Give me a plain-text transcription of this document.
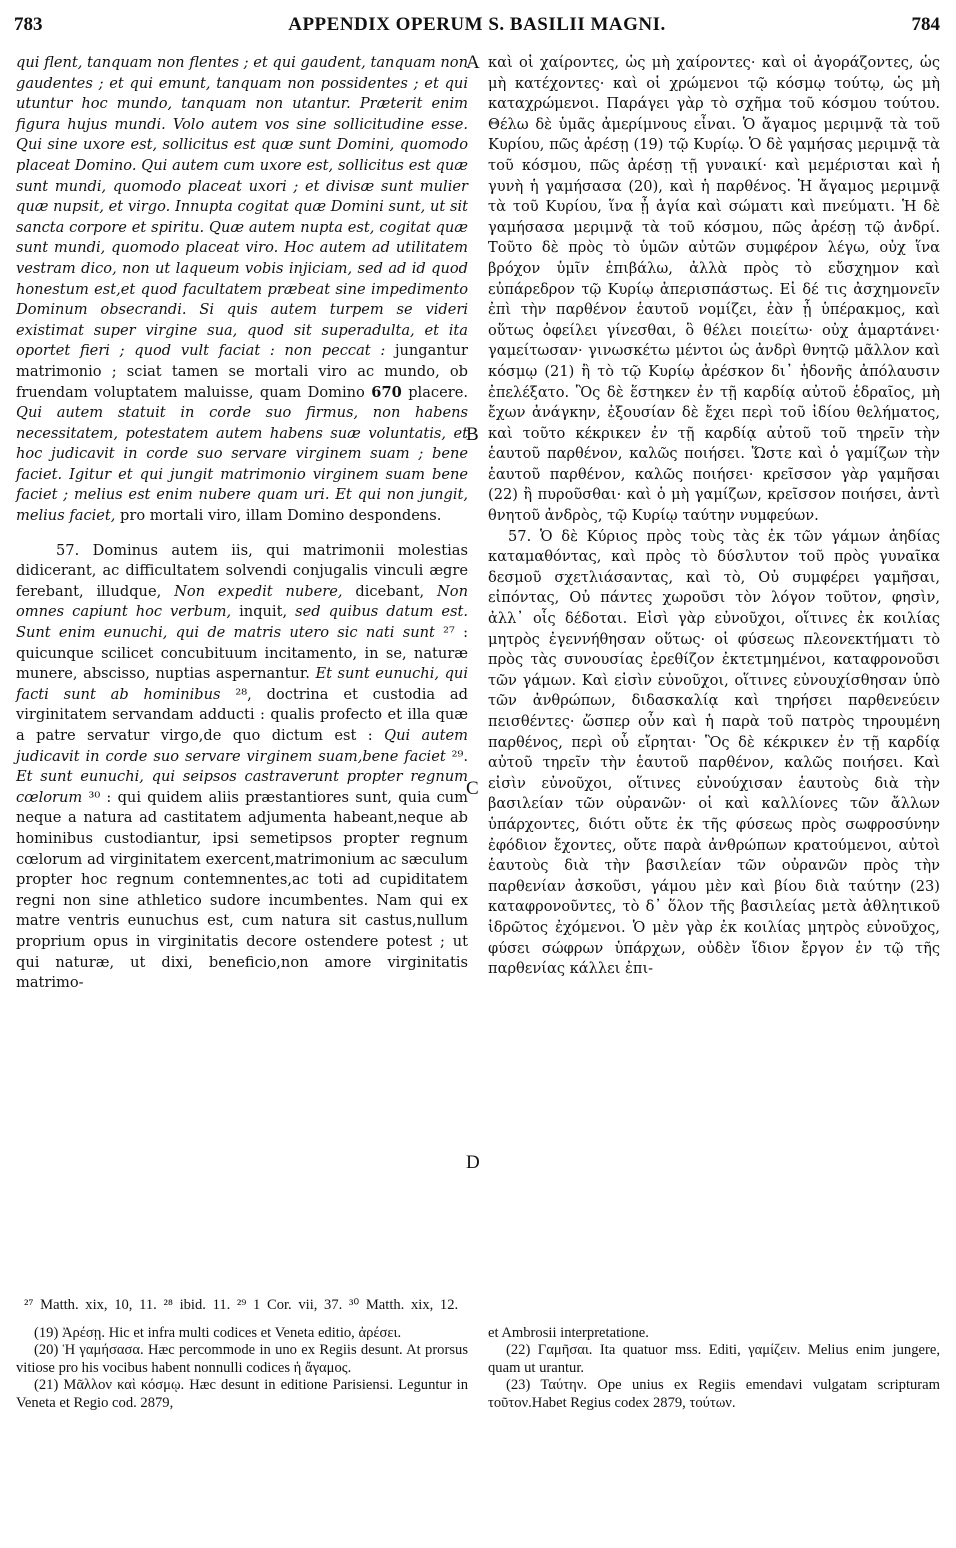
783	APPENDIX OPERUM S. BASILII MAGNI.	784

qui flent, tanquam non flentes ; et qui gaudent, tanquam non gaudentes ; et qui emunt, tanquam non possidentes ; et qui utuntur hoc mundo, tanquam non utantur. Præterit enim figura hujus mundi. Volo autem vos sine sollicitudine esse. Qui sine uxore est, sollicitus est quæ sunt Domini, quomodo placeat Domino. Qui autem cum uxore est, sollicitus est quæ sunt mundi, quomodo placeat uxori ; et divisæ sunt mulier quæ nupsit, et virgo. Innupta cogitat quæ Domini sunt, ut sit sancta corpore et spiritu. Quæ autem nupta est, cogitat quæ sunt mundi, quomodo placeat viro. Hoc autem ad utilitatem vestram dico, non ut laqueum vobis injiciam, sed ad id quod honestum est,et quod facultatem præbeat sine impedimento Dominum obsecrandi. Si quis autem turpem se videri existimat super virgine sua, quod sit superadulta, et ita oportet fieri ; quod vult faciat : non peccat : jungantur matrimonio ; sciat tamen se mortali viro ac mundo, ob fruendam voluptatem maluisse, quam Domino 670 placere. Qui autem statuit in corde suo firmus, non habens necessitatem, potestatem autem habens suæ voluntatis, et hoc judicavit in corde suo servare virginem suam ; bene faciet. Igitur et qui jungit matrimonio virginem suam bene faciet ; melius est enim nubere quam uri. Et qui non jungit, melius faciet, pro mortali viro, illam Domino despondens.

57. Dominus autem iis, qui matrimonii molestias didicerant, ac difficultatem solvendi conjugalis vinculi ægre ferebant, illudque, Non expedit nubere, dicebant, Non omnes capiunt hoc verbum, inquit, sed quibus datum est. Sunt enim eunuchi, qui de matris utero sic nati sunt ²⁷ : quicunque scilicet concubituum incitamento, in se, naturæ munere, abscisso, nuptias aspernantur. Et sunt eunuchi, qui facti sunt ab hominibus ²⁸, doctrina et custodia ad virginitatem servandam adducti : qualis profecto et illa quæ a patre servatur virgo,de quo dictum est : Qui autem judicavit in corde suo servare virginem suam,bene faciet ²⁹. Et sunt eunuchi, qui seipsos castraverunt propter regnum cœlorum ³⁰ : qui quidem aliis præstantiores sunt, quia cum neque a natura ad castitatem adjumenta habeant,neque ab hominibus custodiantur, ipsi semetipsos propter regnum cœlorum ad virginitatem exercent,matrimonium ac sæculum propter hoc regnum contemnentes,ac toti ad cupiditatem regni non sine athletico sudore incumbentes. Nam qui ex matre ventris eunuchus est, cum natura sit castus,nullum proprium opus in virginitatis decore ostendere potest ; ut qui naturæ, ut dixi, beneficio,non amore virginitatis matrimo-

A
B
C
D

καὶ οἱ χαίροντες, ὡς μὴ χαίροντες· καὶ οἱ ἀγοράζοντες, ὡς μὴ κατέχοντες· καὶ οἱ χρώμενοι τῷ κόσμῳ τούτῳ, ὡς μὴ καταχρώμενοι. Παράγει γὰρ τὸ σχῆμα τοῦ κόσμου τούτου. Θέλω δὲ ὑμᾶς ἀμερίμνους εἶναι. Ὁ ἄγαμος μεριμνᾷ τὰ τοῦ Κυρίου, πῶς ἀρέσῃ (19) τῷ Κυρίῳ. Ὁ δὲ γαμήσας μεριμνᾷ τὰ τοῦ κόσμου, πῶς ἀρέσῃ τῇ γυναικί· καὶ μεμέρισται καὶ ἡ γυνὴ ἡ γαμήσασα (20), καὶ ἡ παρθένος. Ἡ ἄγαμος μεριμνᾷ τὰ τοῦ Κυρίου, ἵνα ᾖ ἁγία καὶ σώματι καὶ πνεύματι. Ἡ δὲ γαμήσασα μεριμνᾷ τὰ τοῦ κόσμου, πῶς ἀρέσῃ τῷ ἀνδρί. Τοῦτο δὲ πρὸς τὸ ὑμῶν αὐτῶν συμφέρον λέγω, οὐχ ἵνα βρόχον ὑμῖν ἐπιβάλω, ἀλλὰ πρὸς τὸ εὔσχημον καὶ εὐπάρεδρον τῷ Κυρίῳ ἀπερισπάστως. Εἰ δέ τις ἀσχημονεῖν ἐπὶ τὴν παρθένον ἑαυτοῦ νομίζει, ἐὰν ᾖ ὑπέρακμος, καὶ οὕτως ὀφείλει γίνεσθαι, ὃ θέλει ποιείτω· οὐχ ἁμαρτάνει· γαμείτωσαν· γινωσκέτω μέντοι ὡς ἀνδρὶ θνητῷ μᾶλλον καὶ κόσμῳ (21) ἢ τὸ τῷ Κυρίῳ ἀρέσκον δι᾽ ἡδονῆς ἀπόλαυσιν ἐπελέξατο. Ὃς δὲ ἕστηκεν ἐν τῇ καρδίᾳ αὐτοῦ ἑδραῖος, μὴ ἔχων ἀνάγκην, ἐξουσίαν δὲ ἔχει περὶ τοῦ ἰδίου θελήματος, καὶ τοῦτο κέκρικεν ἐν τῇ καρδίᾳ αὐτοῦ τοῦ τηρεῖν τὴν ἑαυτοῦ παρθένον, καλῶς ποιήσει. Ὥστε καὶ ὁ γαμίζων τὴν ἑαυτοῦ παρθένον, καλῶς ποιήσει· κρεῖσσον γὰρ γαμῆσαι (22) ἢ πυροῦσθαι· καὶ ὁ μὴ γαμίζων, κρεῖσσον ποιήσει, ἀντὶ θνητοῦ ἀνδρὸς, τῷ Κυρίῳ ταύτην νυμφεύων.

57. Ὁ δὲ Κύριος πρὸς τοὺς τὰς ἐκ τῶν γάμων ἀηδίας καταμαθόντας, καὶ πρὸς τὸ δύσλυτον τοῦ πρὸς γυναῖκα δεσμοῦ σχετλιάσαντας, καὶ τὸ, Οὐ συμφέρει γαμῆσαι, εἰπόντας, Οὐ πάντες χωροῦσι τὸν λόγον τοῦτον, φησὶν, ἀλλ᾽ οἷς δέδοται. Εἰσὶ γὰρ εὐνοῦχοι, οἵτινες ἐκ κοιλίας μητρὸς ἐγεννήθησαν οὕτως· οἱ φύσεως πλεονεκτήματι τὸ πρὸς τὰς συνουσίας ἐρεθίζον ἐκτετμημένοι, καταφρονοῦσι τῶν γάμων. Καὶ εἰσὶν εὐνοῦχοι, οἵτινες εὐνουχίσθησαν ὑπὸ τῶν ἀνθρώπων, διδασκαλίᾳ καὶ τηρήσει παρθενεύειν πεισθέντες· ὥσπερ οὖν καὶ ἡ παρὰ τοῦ πατρὸς τηρουμένη παρθένος, περὶ οὗ εἴρηται· Ὃς δὲ κέκρικεν ἐν τῇ καρδίᾳ αὐτοῦ τηρεῖν τὴν ἑαυτοῦ παρθένον, καλῶς ποιήσει. Καὶ εἰσὶν εὐνοῦχοι, οἵτινες εὐνούχισαν ἑαυτοὺς διὰ τὴν βασιλείαν τῶν οὐρανῶν· οἱ καὶ καλλίονες τῶν ἄλλων ὑπάρχοντες, διότι οὔτε ἐκ τῆς φύσεως πρὸς σωφροσύνην ἐφόδιον ἔχοντες, οὔτε παρὰ ἀνθρώπων κρατούμενοι, αὐτοὶ ἑαυτοὺς διὰ τὴν βασιλείαν τῶν οὐρανῶν πρὸς τὴν παρθενίαν ἀσκοῦσι, γάμου μὲν καὶ βίου διὰ ταύτην (23) καταφρονοῦντες, τὸ δ᾽ ὅλον τῆς βασιλείας μετὰ ἀθλητικοῦ ἱδρῶτος ἐχόμενοι. Ὁ μὲν γὰρ ἐκ κοιλίας μητρὸς εὐνοῦχος, φύσει σώφρων ὑπάρχων, οὐδὲν ἴδιον ἔργον ἐν τῷ τῆς παρθενίας κάλλει ἐπι-

²⁷ Matth. xix, 10, 11. ²⁸ ibid. 11. ²⁹ 1 Cor. vii, 37. ³⁰ Matth. xix, 12.

(19) Ἀρέσῃ. Hic et infra multi codices et Veneta editio, ἀρέσει.

(20) Ἡ γαμήσασα. Hæc percommode in uno ex Regiis desunt. At prorsus vitiose pro his vocibus habent nonnulli codices ἡ ἄγαμος.

(21) Μᾶλλον καὶ κόσμῳ. Hæc desunt in editione Parisiensi. Leguntur in Veneta et Regio cod. 2879,

et Ambrosii interpretatione.

(22) Γαμῆσαι. Ita quatuor mss. Editi, γαμίζειν. Melius enim jungere, quam ut urantur.

(23) Ταύτην. Ope unius ex Regiis emendavi vulgatam scripturam τοῦτον.Habet Regius codex 2879, τούτων.
